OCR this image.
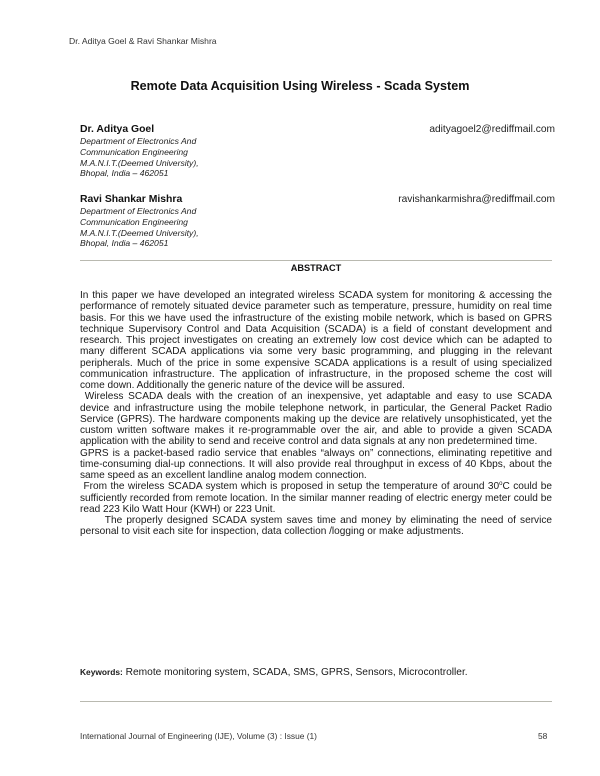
Dr. Aditya Goel & Ravi Shankar Mishra
Remote Data Acquisition Using Wireless - Scada System
Dr. Aditya Goel	adityagoel2@rediffmail.com
Department of Electronics And
Communication Engineering
M.A.N.I.T.(Deemed University),
Bhopal, India – 462051
Ravi Shankar Mishra	ravishankarmishra@rediffmail.com
Department of Electronics And
Communication Engineering
M.A.N.I.T.(Deemed University),
Bhopal, India – 462051
ABSTRACT

In this paper we have developed an integrated wireless SCADA system for monitoring & accessing the performance of remotely situated device parameter such as temperature, pressure, humidity on real time basis. For this we have used the infrastructure of the existing mobile network, which is based on GPRS technique Supervisory Control and Data Acquisition (SCADA) is a field of constant development and research. This project investigates on creating an extremely low cost device which can be adapted to many different SCADA applications via some very basic programming, and plugging in the relevant peripherals. Much of the price in some expensive SCADA applications is a result of using specialized communication infrastructure. The application of infrastructure, in the proposed scheme the cost will come down. Additionally the generic nature of the device will be assured.

Wireless SCADA deals with the creation of an inexpensive, yet adaptable and easy to use SCADA device and infrastructure using the mobile telephone network, in particular, the General Packet Radio Service (GPRS). The hardware components making up the device are relatively unsophisticated, yet the custom written software makes it re-programmable over the air, and able to provide a given SCADA application with the ability to send and receive control and data signals at any non predetermined time.

GPRS is a packet-based radio service that enables “always on” connections, eliminating repetitive and time-consuming dial-up connections. It will also provide real throughput in excess of 40 Kbps, about the same speed as an excellent landline analog modem connection.

From the wireless SCADA system which is proposed in setup the temperature of around 30$^o$C could be sufficiently recorded from remote location. In the similar manner reading of electric energy meter could be read 223 Kilo Watt Hour (KWH) or 223 Unit.

The properly designed SCADA system saves time and money by eliminating the need of service personal to visit each site for inspection, data collection /logging or make adjustments.

Keywords: Remote monitoring system, SCADA, SMS, GPRS, Sensors, Microcontroller.
International Journal of Engineering (IJE), Volume (3) : Issue (1)	58
